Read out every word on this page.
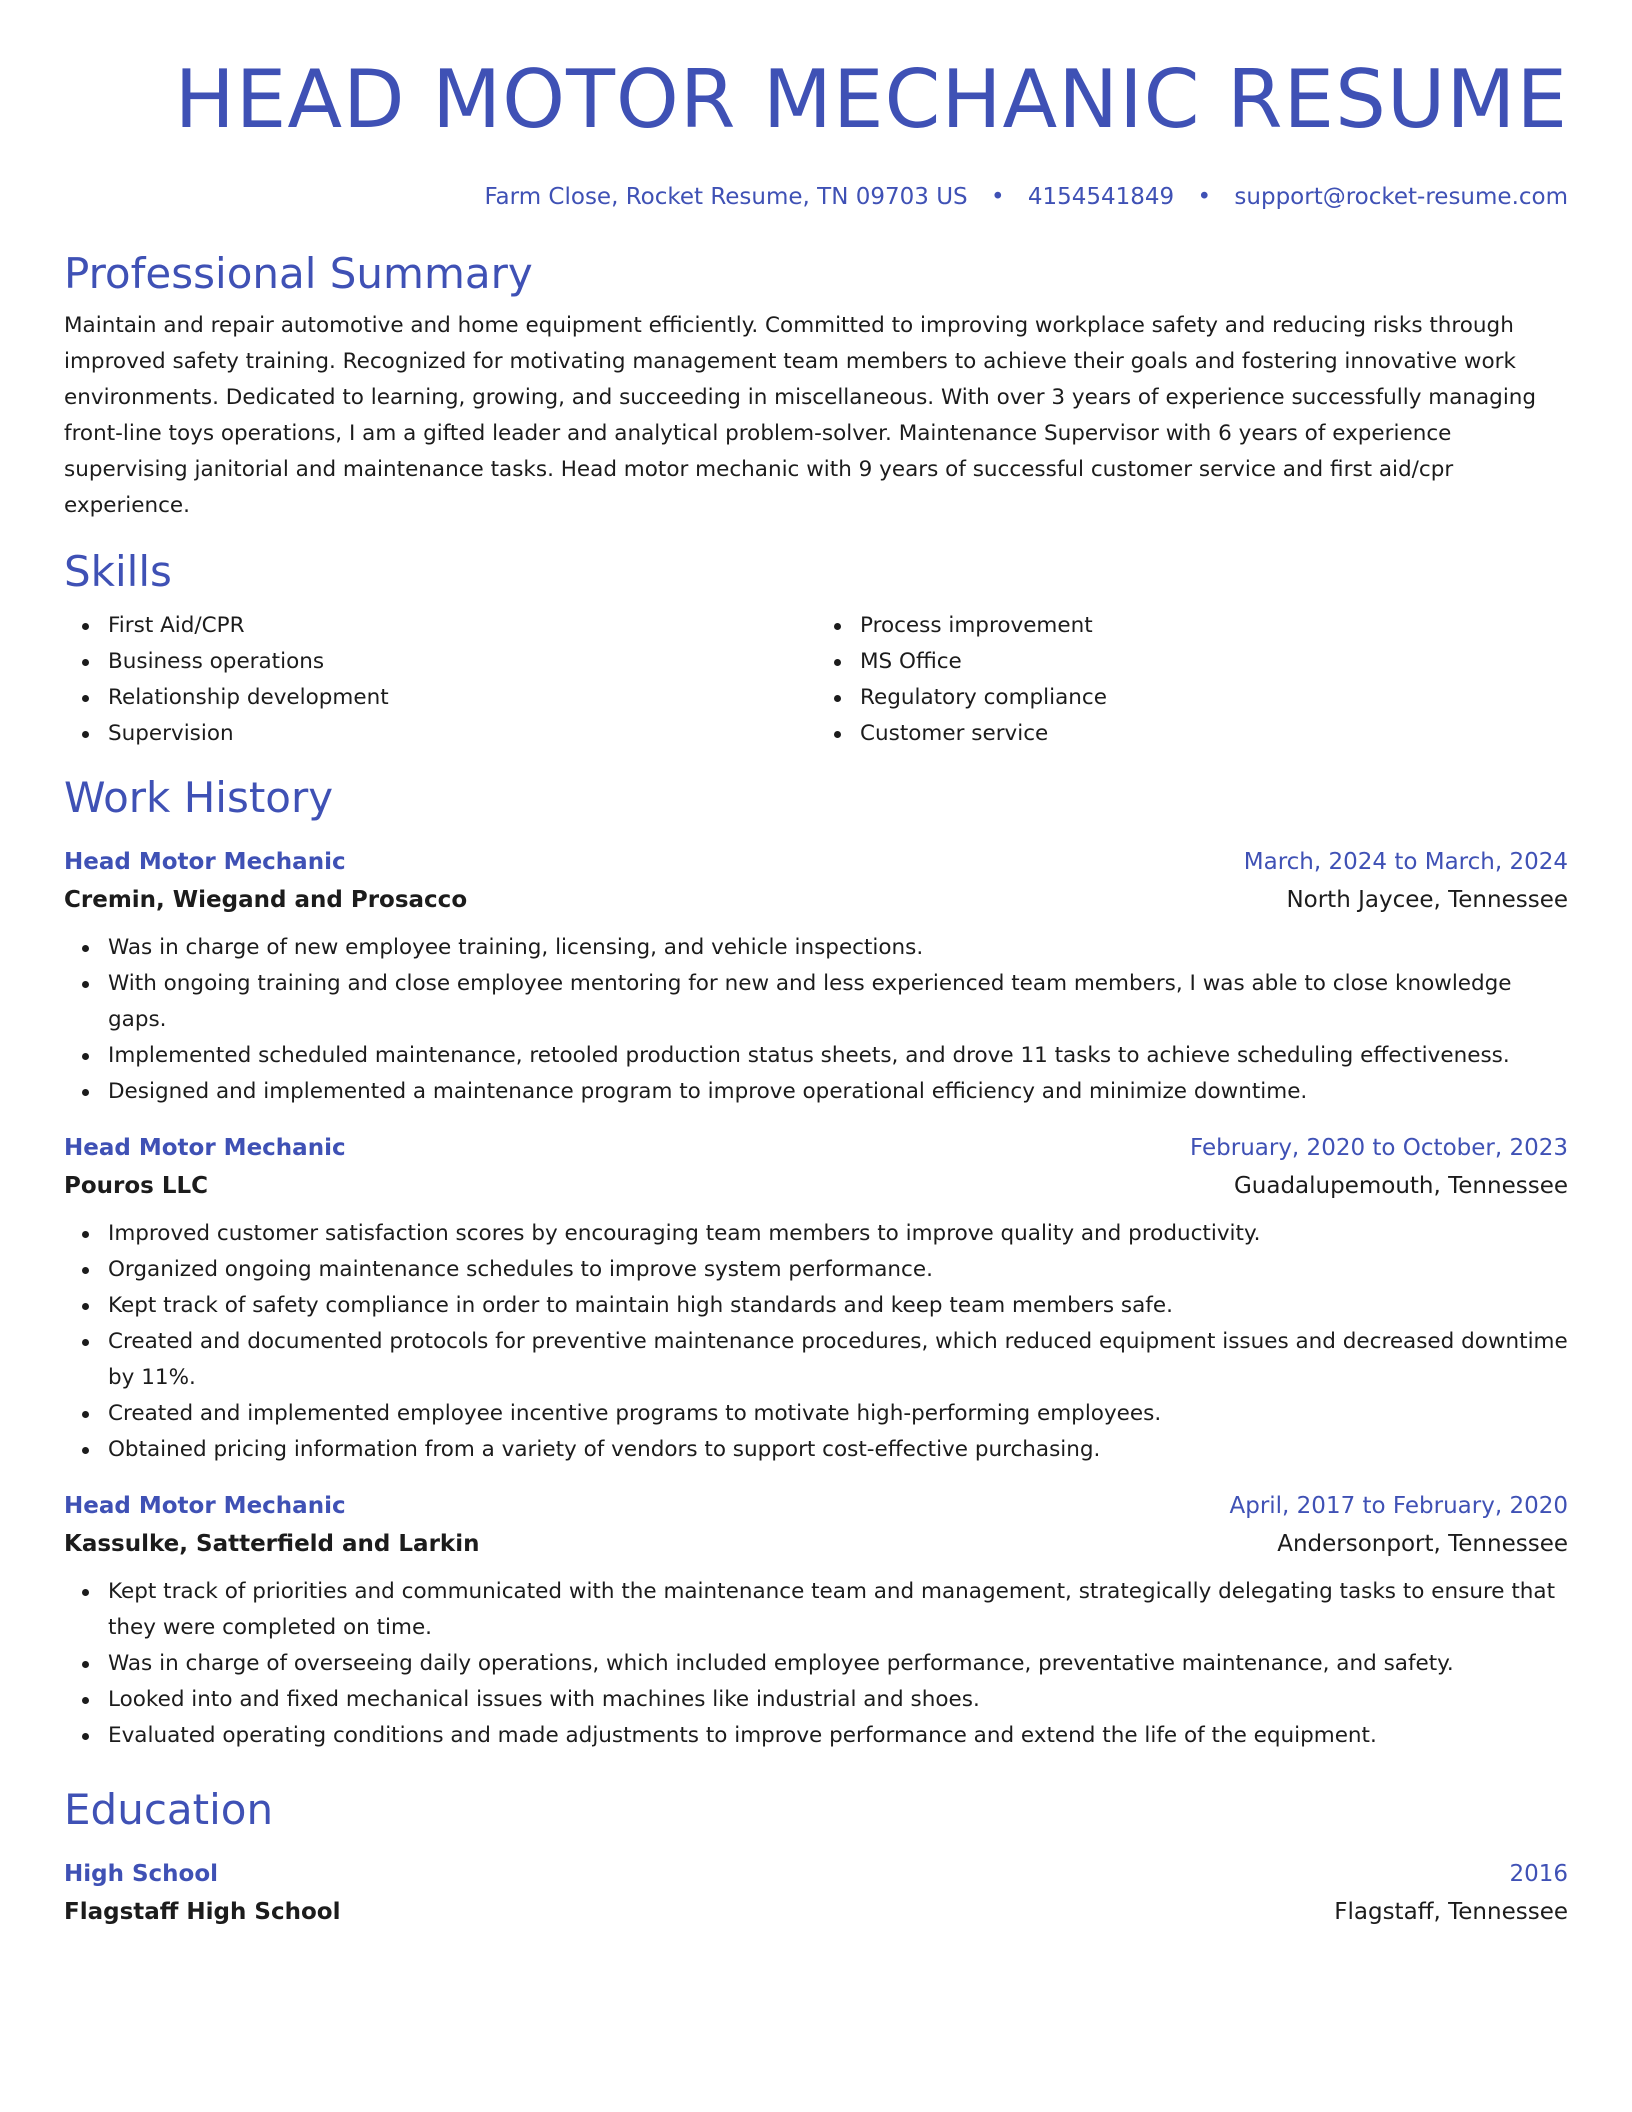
HEAD MOTOR MECHANIC RESUME
Farm Close, Rocket Resume, TN 09703 US • 4154541849 • support@rocket-resume.com
Professional Summary
Maintain and repair automotive and home equipment efficiently. Committed to improving workplace safety and reducing risks through improved safety training. Recognized for motivating management team members to achieve their goals and fostering innovative work environments. Dedicated to learning, growing, and succeeding in miscellaneous. With over 3 years of experience successfully managing front-line toys operations, I am a gifted leader and analytical problem-solver. Maintenance Supervisor with 6 years of experience supervising janitorial and maintenance tasks. Head motor mechanic with 9 years of successful customer service and first aid/cpr experience.
Skills
First Aid/CPR
Business operations
Relationship development
Supervision
Process improvement
MS Office
Regulatory compliance
Customer service
Work History
Head Motor Mechanic	March, 2024 to March, 2024
Cremin, Wiegand and Prosacco	North Jaycee, Tennessee
Was in charge of new employee training, licensing, and vehicle inspections.
With ongoing training and close employee mentoring for new and less experienced team members, I was able to close knowledge gaps.
Implemented scheduled maintenance, retooled production status sheets, and drove 11 tasks to achieve scheduling effectiveness.
Designed and implemented a maintenance program to improve operational efficiency and minimize downtime.
Head Motor Mechanic	February, 2020 to October, 2023
Pouros LLC	Guadalupemouth, Tennessee
Improved customer satisfaction scores by encouraging team members to improve quality and productivity.
Organized ongoing maintenance schedules to improve system performance.
Kept track of safety compliance in order to maintain high standards and keep team members safe.
Created and documented protocols for preventive maintenance procedures, which reduced equipment issues and decreased downtime by 11%.
Created and implemented employee incentive programs to motivate high-performing employees.
Obtained pricing information from a variety of vendors to support cost-effective purchasing.
Head Motor Mechanic	April, 2017 to February, 2020
Kassulke, Satterfield and Larkin	Andersonport, Tennessee
Kept track of priorities and communicated with the maintenance team and management, strategically delegating tasks to ensure that they were completed on time.
Was in charge of overseeing daily operations, which included employee performance, preventative maintenance, and safety.
Looked into and fixed mechanical issues with machines like industrial and shoes.
Evaluated operating conditions and made adjustments to improve performance and extend the life of the equipment.
Education
High School	2016
Flagstaff High School	Flagstaff, Tennessee
